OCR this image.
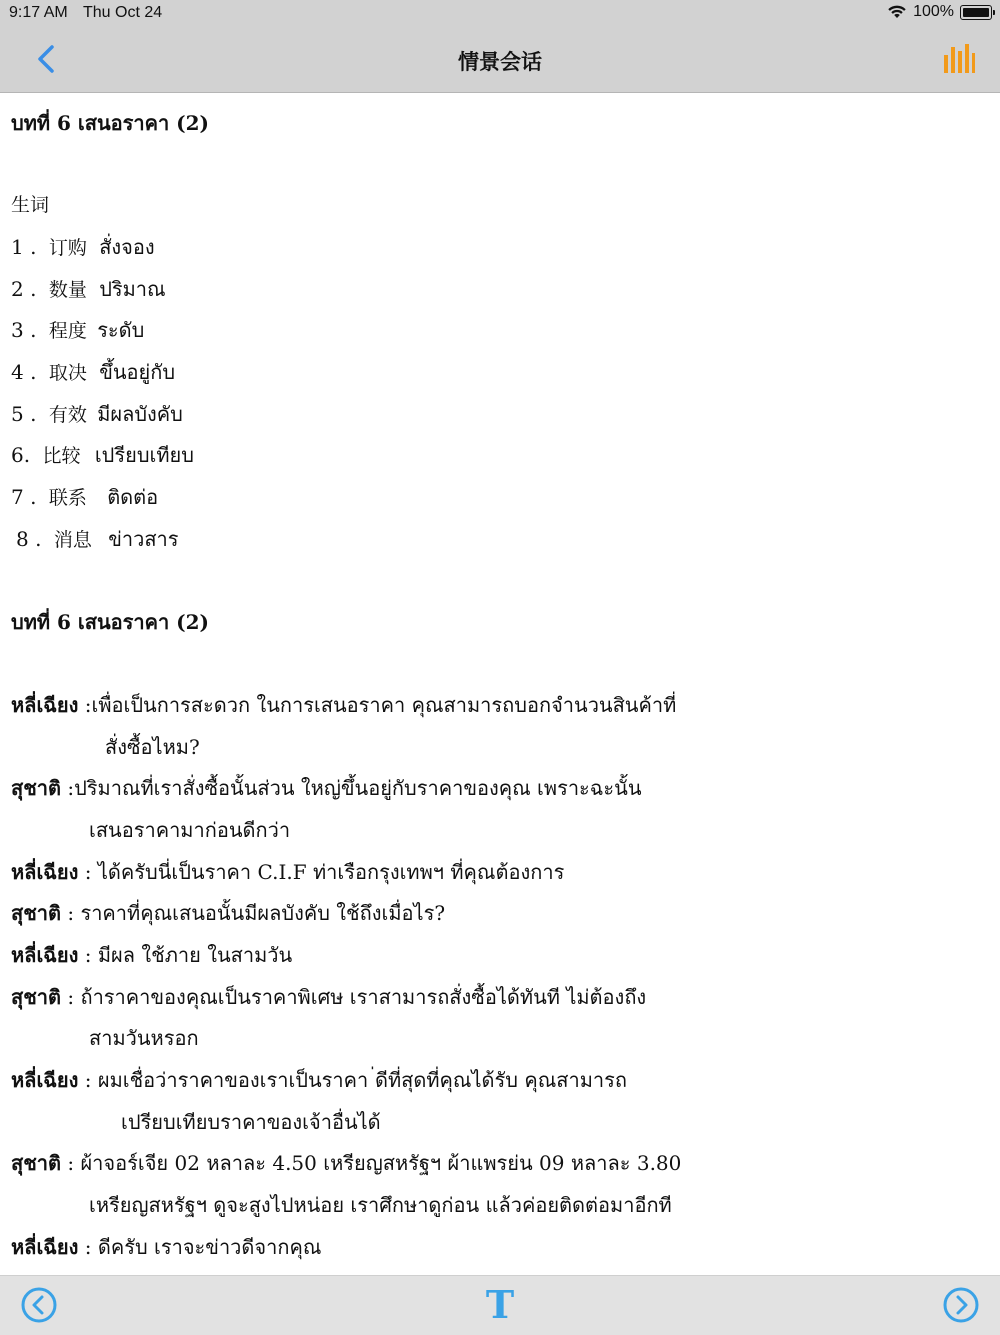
9:17 AM Thu Oct 24	100%
情景会话
บทที่ 6 เสนอราคา (2)
生词
1 . 订购 สั่งจอง
2 . 数量 ปริมาณ
3 . 程度 ระดับ
4 . 取决 ขึ้นอยู่กับ
5 . 有效 มีผลบังคับ
6. 比较 เปรียบเทียบ
7 . 联系 ติดต่อ
8 . 消息 ข่าวสาร
บทที่ 6 เสนอราคา (2)
หลี่เฉียง :เพื่อเป็นการสะดวก ในการเสนอราคา คุณสามารถบอกจำนวนสินค้าที่
สั่งซื้อไหม?
สุชาติ :ปริมาณที่เราสั่งซื้อนั้นส่วน ใหญ่ขึ้นอยู่กับราคาของคุณ เพราะฉะนั้น
เสนอราคามาก่อนดีกว่า
หลี่เฉียง : ได้ครับนี่เป็นราคา C.I.F ท่าเรือกรุงเทพฯ ที่คุณต้องการ
สุชาติ : ราคาที่คุณเสนอนั้นมีผลบังคับ ใช้ถึงเมื่อไร?
หลี่เฉียง : มีผล ใช้ภาย ในสามวัน
สุชาติ : ถ้าราคาของคุณเป็นราคาพิเศษ เราสามารถสั่งซื้อได้ทันที ไม่ต้องถึง
สามวันหรอก
หลี่เฉียง : ผมเชื่อว่าราคาของเราเป็นราคา ่ดีที่สุดที่คุณได้รับ คุณสามารถ
เปรียบเทียบราคาของเจ้าอื่นได้
สุชาติ : ผ้าจอร์เจีย 02 หลาละ 4.50 เหรียญสหรัฐฯ ผ้าแพรย่น 09 หลาละ 3.80
เหรียญสหรัฐฯ ดูจะสูงไปหน่อย เราศึกษาดูก่อน แล้วค่อยติดต่อมาอีกที
หลี่เฉียง : ดีครับ เราจะข่าวดีจากคุณ
T
